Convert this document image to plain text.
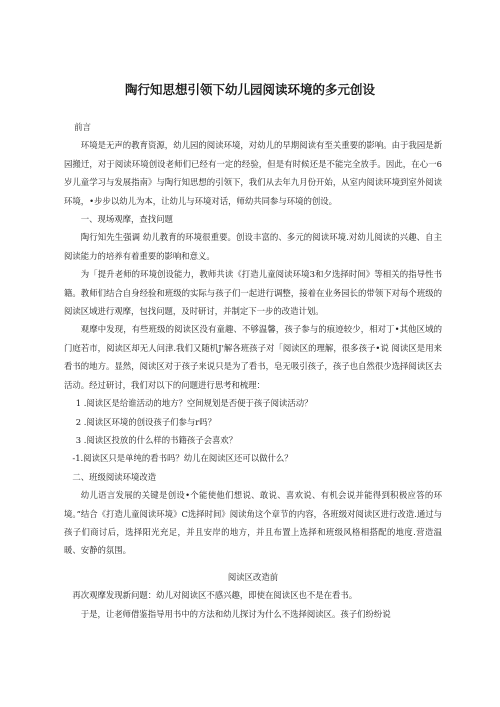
陶行知思想引领下幼儿园阅读环境的多元创设

前言

环境是无声的教育资源，幼儿园的阅读环境，对幼儿的早期阅读有至关重要的影响。由于我园是新园搬迁，对于阅读环境创设老师们已经有一定的经验，但是有时候还是不能完全放手。因此，在心一6岁儿童学习与发展指南》与陶行知思想的引领下，我们从去年九月份开始，从室内阅读环境到室外阅读环境，•步步以幼儿为本，让幼儿与环境对话，师幼共同参与环境的创设。

一、现场观摩，查找问题

陶行知先生强调 幼儿教育的环境很重要。创设丰富的、多元的阅读环境.对幼儿阅读的兴趣、自主阅读能力的培养有着重要的影响和意义。

为「提升老师的环境创设能力，教师共读《打造儿童阅读环境3和夕选择时间》等相关的指导性书籍。教师们结合自身经验和班级的实际与孩子们一起进行调整，接着在业务园长的带领下对每个班级的阅读区域进行观摩，包找问题，及时研讨，并制定下一步的改造计划。

观摩中发现，有些班级的阅读区没有童趣、不够温馨，孩子参与的痕迹较少，相对丁•其他区域的门庭若市，阅读区却无人问津.我们又随机J'解各班孩子对「阅读区的理解，很多孩子•说 阅读区是用来看书的地方。显然，阅读区对于孩子来说只是为了看书，皂无吸引孩子，孩子也自然很少选择阅读区去活动。经过研讨，我们对以下的问题进行思考和梳理：

1 .阅读区是给谁活动的地方？空间规划是否便于孩子阅读活动？

2 .阅读区环境的创设孩子们参与r吗？

3 .阅读区投放的什么样的书籍孩子会喜欢？

-1.阅读区只是单纯的看书吗？幼儿在阅读区还可以做什么？

二、班级阅读环境改造

幼儿语言发展的关键是创设•个能使他们想说、敢说、喜欢说、有机会说并能得到积极应答的环境。”结合《打造儿童阅读环境》C选择时间》阅读角这个章节的内容，各班级对阅读区进行改造.通过与孩子们商讨后，选择阳光充足，并且安岸的地方，并且布置上选择和班级风格相搭配的地度.营造温暖、安静的氛围。

阅读区改造前

再次观摩发现新问题：幼儿对阅读区不感兴趣，即使在阅读区也不是在看书。

于是，让老师借鉴指导用书中的方法和幼儿探讨为什么不选择阅读区。孩子们纷纷说
